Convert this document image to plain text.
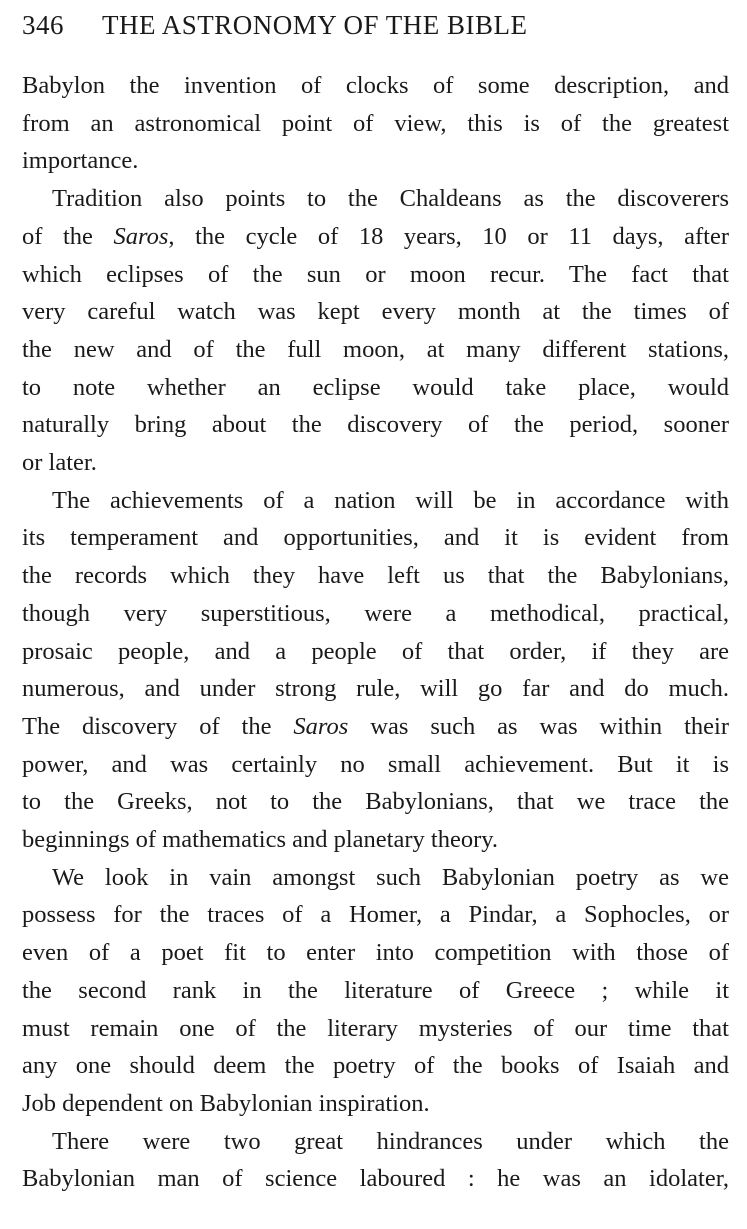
346 THE ASTRONOMY OF THE BIBLE
Babylon the invention of clocks of some description, and
from an astronomical point of view, this is of the greatest
importance.
Tradition also points to the Chaldeans as the discoverers
of the Saros, the cycle of 18 years, 10 or 11 days, after
which eclipses of the sun or moon recur. The fact that
very careful watch was kept every month at the times of
the new and of the full moon, at many different stations,
to note whether an eclipse would take place, would
naturally bring about the discovery of the period, sooner
or later.
The achievements of a nation will be in accordance with
its temperament and opportunities, and it is evident from
the records which they have left us that the Babylonians,
though very superstitious, were a methodical, practical,
prosaic people, and a people of that order, if they are
numerous, and under strong rule, will go far and do much.
The discovery of the Saros was such as was within their
power, and was certainly no small achievement. But it is
to the Greeks, not to the Babylonians, that we trace the
beginnings of mathematics and planetary theory.
We look in vain amongst such Babylonian poetry as we
possess for the traces of a Homer, a Pindar, a Sophocles, or
even of a poet fit to enter into competition with those of
the second rank in the literature of Greece ; while it
must remain one of the literary mysteries of our time that
any one should deem the poetry of the books of Isaiah and
Job dependent on Babylonian inspiration.
There were two great hindrances under which the
Babylonian man of science laboured : he was an idolater,
